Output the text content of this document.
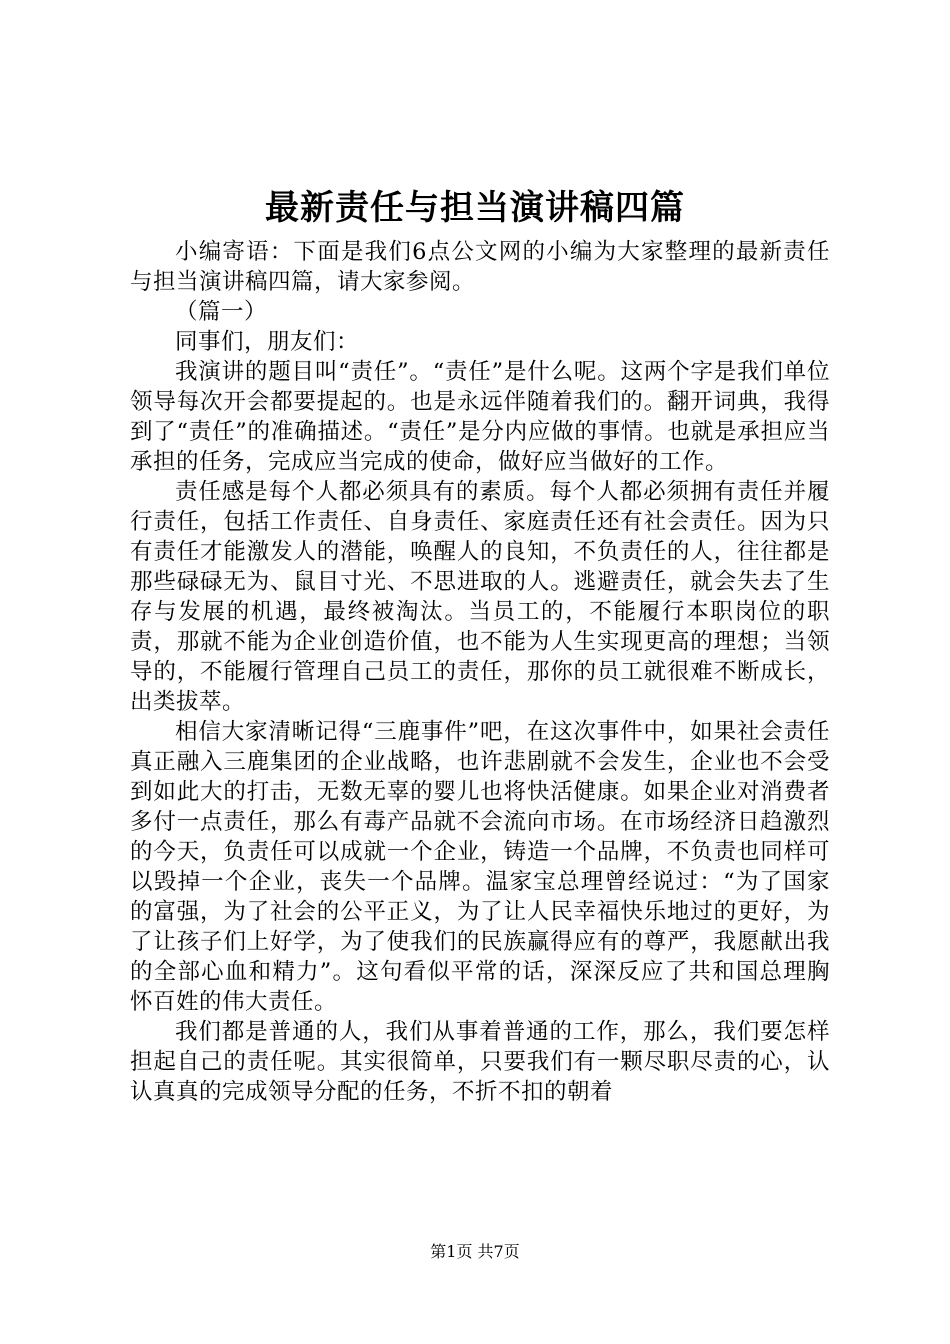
最新责任与担当演讲稿四篇

小编寄语：下面是我们6点公文网的小编为大家整理的最新责任与担当演讲稿四篇，请大家参阅。

（篇一）

同事们，朋友们：

我演讲的题目叫“责任”。“责任”是什么呢。这两个字是我们单位领导每次开会都要提起的。也是永远伴随着我们的。翻开词典，我得到了“责任”的准确描述。“责任”是分内应做的事情。也就是承担应当承担的任务，完成应当完成的使命，做好应当做好的工作。

责任感是每个人都必须具有的素质。每个人都必须拥有责任并履行责任，包括工作责任、自身责任、家庭责任还有社会责任。因为只有责任才能激发人的潜能，唤醒人的良知，不负责任的人，往往都是那些碌碌无为、鼠目寸光、不思进取的人。逃避责任，就会失去了生存与发展的机遇，最终被淘汰。当员工的，不能履行本职岗位的职责，那就不能为企业创造价值，也不能为人生实现更高的理想；当领导的，不能履行管理自己员工的责任，那你的员工就很难不断成长，出类拔萃。

相信大家清晰记得“三鹿事件”吧，在这次事件中，如果社会责任真正融入三鹿集团的企业战略，也许悲剧就不会发生，企业也不会受到如此大的打击，无数无辜的婴儿也将快活健康。如果企业对消费者多付一点责任，那么有毒产品就不会流向市场。在市场经济日趋激烈的今天，负责任可以成就一个企业，铸造一个品牌，不负责也同样可以毁掉一个企业，丧失一个品牌。温家宝总理曾经说过：“为了国家的富强，为了社会的公平正义，为了让人民幸福快乐地过的更好，为了让孩子们上好学，为了使我们的民族赢得应有的尊严，我愿献出我的全部心血和精力”。这句看似平常的话，深深反应了共和国总理胸怀百姓的伟大责任。

我们都是普通的人，我们从事着普通的工作，那么，我们要怎样担起自己的责任呢。其实很简单，只要我们有一颗尽职尽责的心，认认真真的完成领导分配的任务，不折不扣的朝着

第1页 共7页
